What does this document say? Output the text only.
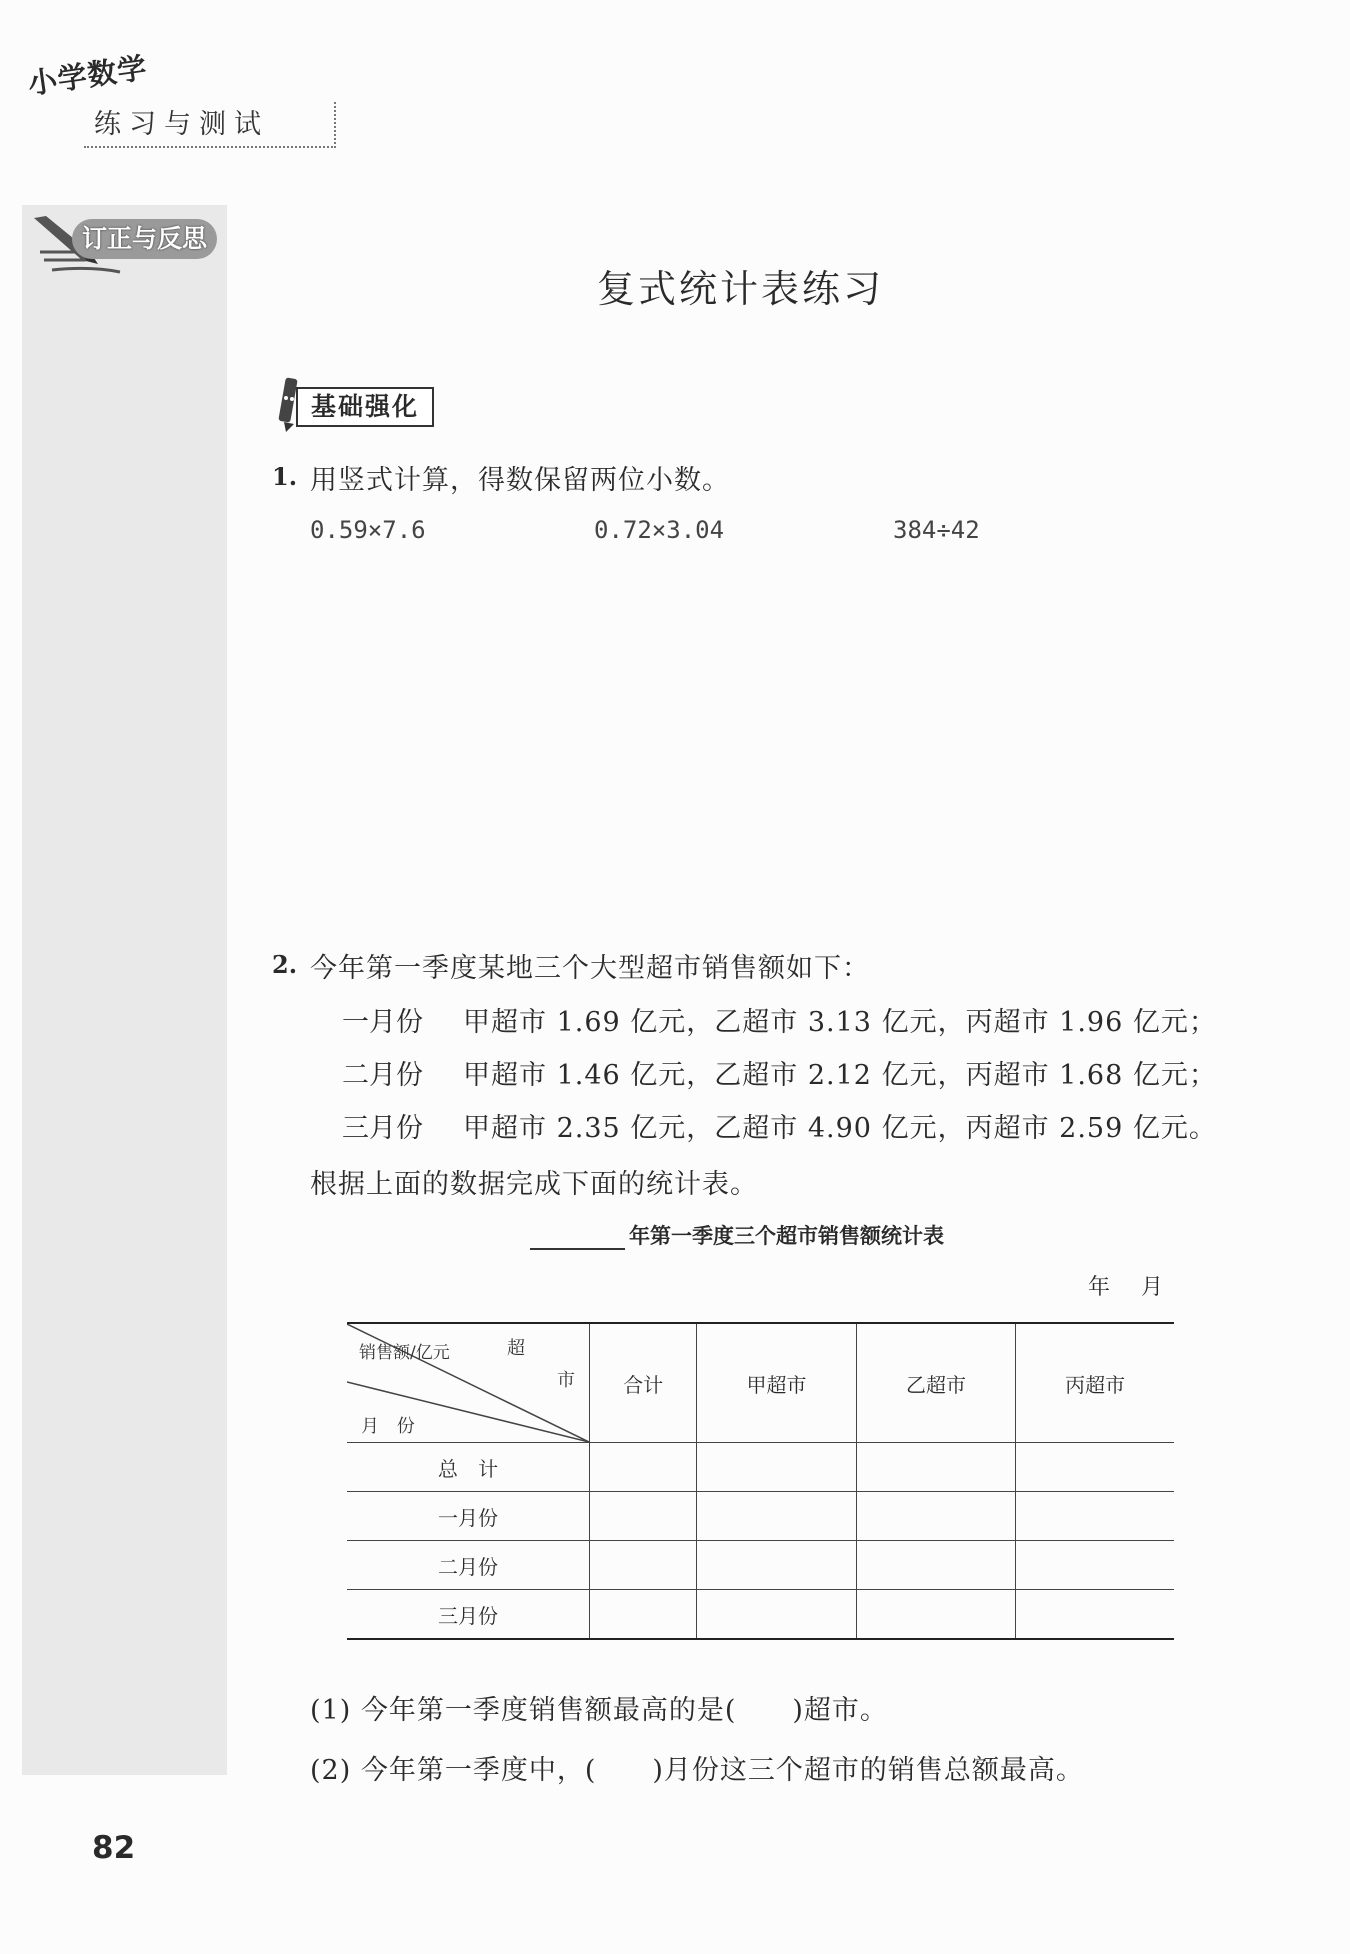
小学数学
练习与测试
订正与反思
复式统计表练习
基础强化
1. 用竖式计算，得数保留两位小数。
0.59×7.6	0.72×3.04	384÷42
2. 今年第一季度某地三个大型超市销售额如下：
一月份 甲超市 1.69 亿元，乙超市 3.13 亿元，丙超市 1.96 亿元；
二月份 甲超市 1.46 亿元，乙超市 2.12 亿元，丙超市 1.68 亿元；
三月份 甲超市 2.35 亿元，乙超市 4.90 亿元，丙超市 2.59 亿元。
根据上面的数据完成下面的统计表。
年第一季度三个超市销售额统计表
年 月
超
市
销售额/亿元
月 份	合计	甲超市	乙超市	丙超市
总 计				
一月份				
二月份				
三月份				
(1) 今年第一季度销售额最高的是(　　)超市。
(2) 今年第一季度中，(　　)月份这三个超市的销售总额最高。
82
